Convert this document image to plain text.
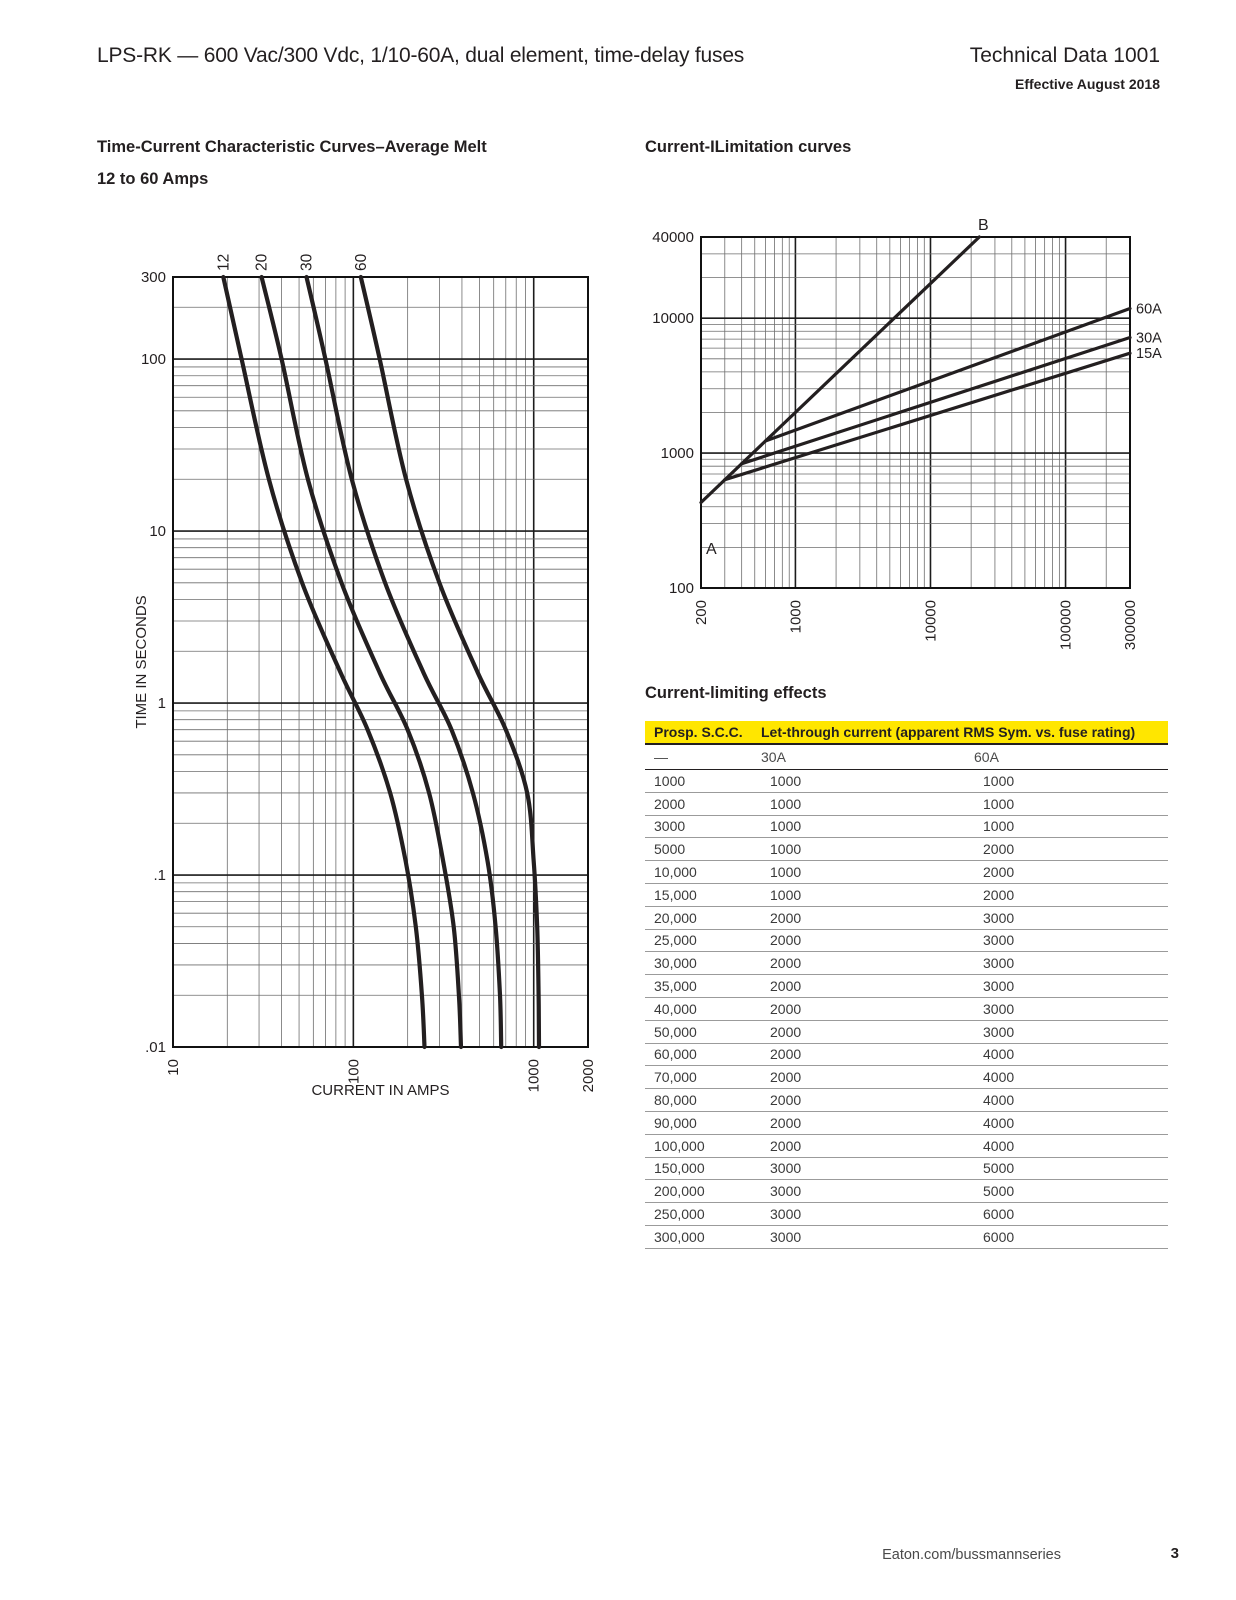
LPS-RK — 600 Vac/300 Vdc, 1/10-60A, dual element, time-delay fuses	Technical Data 1001
Effective August 2018
Time-Current Characteristic Curves–Average Melt
12 to 60 Amps
Current-ILimitation curves
300
100
10
1
.1
.01
10	100	1000 2000
TIME IN SECONDS
CURRENT IN AMPS
12 20 30 60
40000
10000
1000
100
200	1000	10000	100000	300000
60A
30A
15A
B
A
Current-limiting effects
Prosp. S.C.C.	Let-through current (apparent RMS Sym. vs. fuse rating)	
—	30A	60A
1000	1000	1000
2000	1000	1000
3000	1000	1000
5000	1000	2000
10,000	1000	2000
15,000	1000	2000
20,000	2000	3000
25,000	2000	3000
30,000	2000	3000
35,000	2000	3000
40,000	2000	3000
50,000	2000	3000
60,000	2000	4000
70,000	2000	4000
80,000	2000	4000
90,000	2000	4000
100,000	2000	4000
150,000	3000	5000
200,000	3000	5000
250,000	3000	6000
300,000	3000	6000
Eaton.com/bussmannseries	3
